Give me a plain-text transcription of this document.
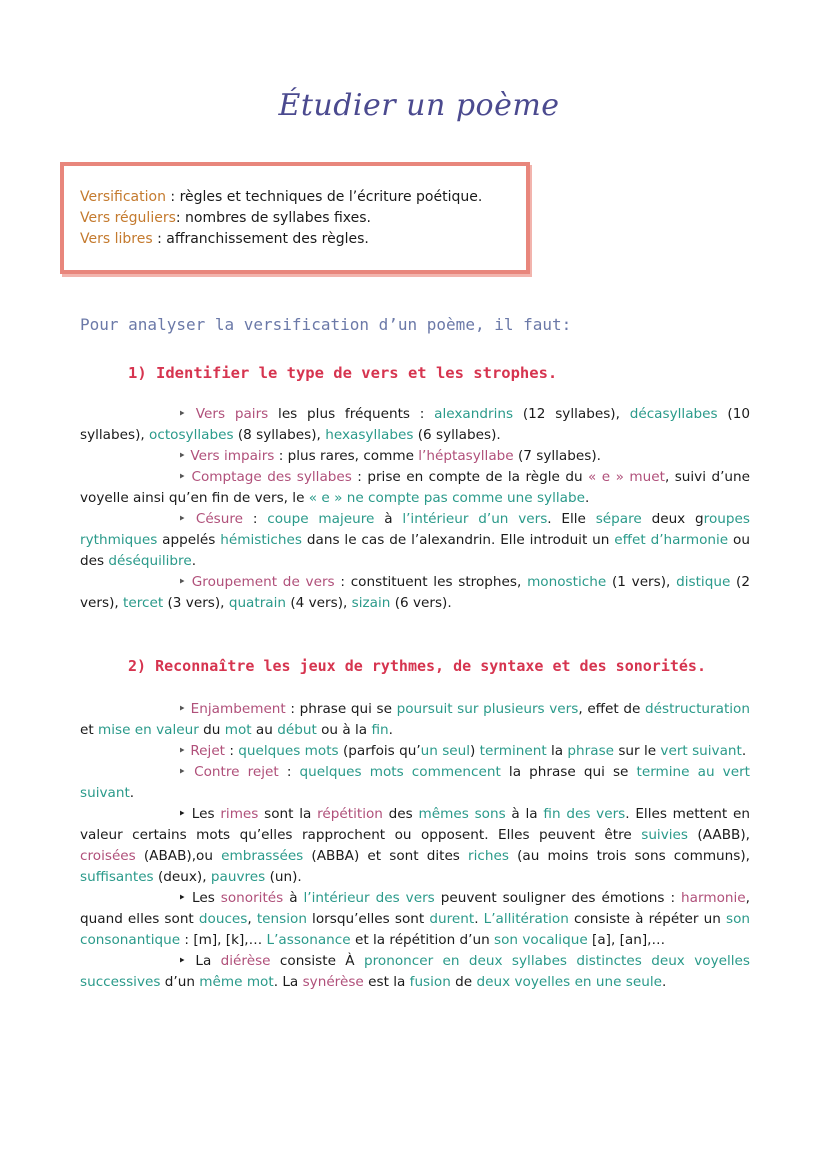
Étudier un poème
Versification : règles et techniques de l’écriture poétique.
Vers réguliers: nombres de syllabes fixes.
Vers libres : affranchissement des règles.
Pour analyser la versification d’un poème, il faut:
1) Identifier le type de vers et les strophes.

‣ Vers pairs les plus fréquents : alexandrins (12 syllabes), décasyllabes (10 syllabes), octosyllabes (8 syllabes), hexasyllabes (6 syllabes).

‣ Vers impairs : plus rares, comme l’héptasyllabe (7 syllabes).

‣ Comptage des syllabes : prise en compte de la règle du « e » muet, suivi d’une voyelle ainsi qu’en fin de vers, le « e » ne compte pas comme une syllabe.

‣ Césure : coupe majeure à l’intérieur d’un vers. Elle sépare deux groupes rythmiques appelés hémistiches dans le cas de l’alexandrin. Elle introduit un effet d’harmonie ou des déséquilibre.

‣ Groupement de vers : constituent les strophes, monostiche (1 vers), distique (2 vers), tercet (3 vers), quatrain (4 vers), sizain (6 vers).

2) Reconnaître les jeux de rythmes, de syntaxe et des sonorités.

‣ Enjambement : phrase qui se poursuit sur plusieurs vers, effet de déstructuration et mise en valeur du mot au début ou à la fin.

‣ Rejet : quelques mots (parfois qu’un seul) terminent la phrase sur le vert suivant.

‣ Contre rejet : quelques mots commencent la phrase qui se termine au vert suivant.

‣ Les rimes sont la répétition des mêmes sons à la fin des vers. Elles mettent en valeur certains mots qu’elles rapprochent ou opposent. Elles peuvent être suivies (AABB), croisées (ABAB),ou embrassées (ABBA) et sont dites riches (au moins trois sons communs), suffisantes (deux), pauvres (un).

‣ Les sonorités à l’intérieur des vers peuvent souligner des émotions : harmonie, quand elles sont douces, tension lorsqu’elles sont durent. L’allitération consiste à répéter un son consonantique : [m], [k],… L’assonance et la répétition d’un son vocalique [a], [an],…

‣ La diérèse consiste À prononcer en deux syllabes distinctes deux voyelles successives d’un même mot. La synérèse est la fusion de deux voyelles en une seule.
